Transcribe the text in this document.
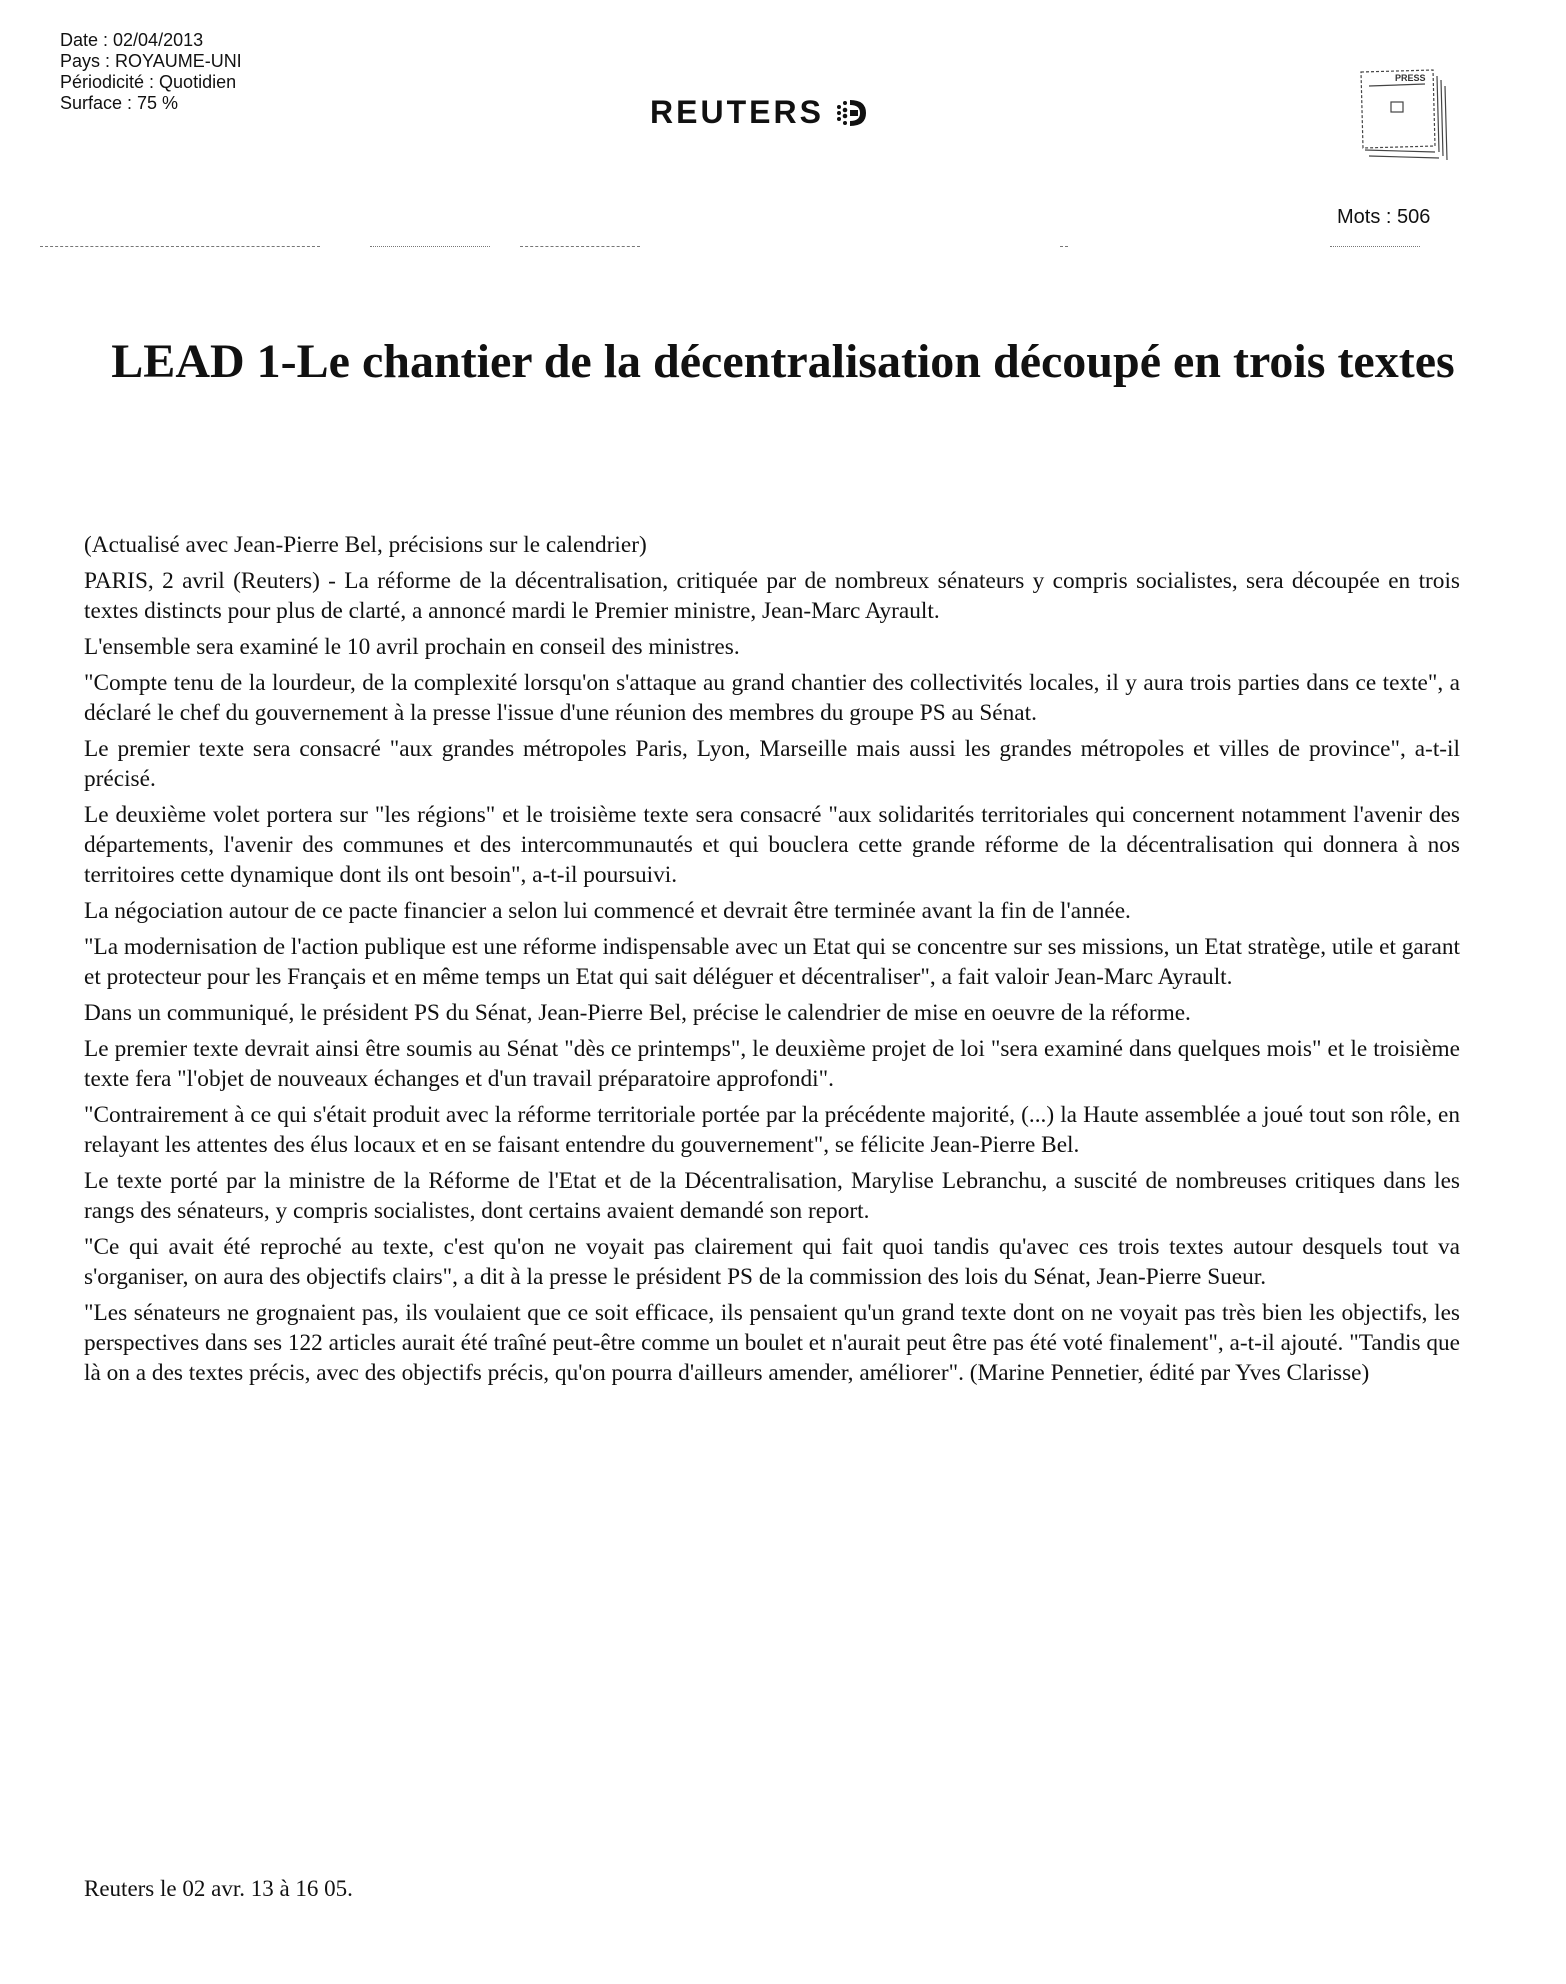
Date : 02/04/2013
Pays : ROYAUME-UNI
Périodicité : Quotidien
Surface : 75 %	REUTERS
PRESS
Mots : 506
LEAD 1-Le chantier de la décentralisation découpé en trois textes

(Actualisé avec Jean-Pierre Bel, précisions sur le calendrier)

PARIS, 2 avril (Reuters) - La réforme de la décentralisation, critiquée par de nombreux sénateurs y compris socialistes, sera découpée en trois textes distincts pour plus de clarté, a annoncé mardi le Premier ministre, Jean-Marc Ayrault.

L'ensemble sera examiné le 10 avril prochain en conseil des ministres.

"Compte tenu de la lourdeur, de la complexité lorsqu'on s'attaque au grand chantier des collectivités locales, il y aura trois parties dans ce texte", a déclaré le chef du gouvernement à la presse l'issue d'une réunion des membres du groupe PS au Sénat.

Le premier texte sera consacré "aux grandes métropoles Paris, Lyon, Marseille mais aussi les grandes métropoles et villes de province", a-t-il précisé.

Le deuxième volet portera sur "les régions" et le troisième texte sera consacré "aux solidarités territoriales qui concernent notamment l'avenir des départements, l'avenir des communes et des intercommunautés et qui bouclera cette grande réforme de la décentralisation qui donnera à nos territoires cette dynamique dont ils ont besoin", a-t-il poursuivi.

La négociation autour de ce pacte financier a selon lui commencé et devrait être terminée avant la fin de l'année.

"La modernisation de l'action publique est une réforme indispensable avec un Etat qui se concentre sur ses missions, un Etat stratège, utile et garant et protecteur pour les Français et en même temps un Etat qui sait déléguer et décentraliser", a fait valoir Jean-Marc Ayrault.

Dans un communiqué, le président PS du Sénat, Jean-Pierre Bel, précise le calendrier de mise en oeuvre de la réforme.

Le premier texte devrait ainsi être soumis au Sénat "dès ce printemps", le deuxième projet de loi "sera examiné dans quelques mois" et le troisième texte fera "l'objet de nouveaux échanges et d'un travail préparatoire approfondi".

"Contrairement à ce qui s'était produit avec la réforme territoriale portée par la précédente majorité, (...) la Haute assemblée a joué tout son rôle, en relayant les attentes des élus locaux et en se faisant entendre du gouvernement", se félicite Jean-Pierre Bel.

Le texte porté par la ministre de la Réforme de l'Etat et de la Décentralisation, Marylise Lebranchu, a suscité de nombreuses critiques dans les rangs des sénateurs, y compris socialistes, dont certains avaient demandé son report.

"Ce qui avait été reproché au texte, c'est qu'on ne voyait pas clairement qui fait quoi tandis qu'avec ces trois textes autour desquels tout va s'organiser, on aura des objectifs clairs", a dit à la presse le président PS de la commission des lois du Sénat, Jean-Pierre Sueur.

"Les sénateurs ne grognaient pas, ils voulaient que ce soit efficace, ils pensaient qu'un grand texte dont on ne voyait pas très bien les objectifs, les perspectives dans ses 122 articles aurait été traîné peut-être comme un boulet et n'aurait peut être pas été voté finalement", a-t-il ajouté. "Tandis que là on a des textes précis, avec des objectifs précis, qu'on pourra d'ailleurs amender, améliorer". (Marine Pennetier, édité par Yves Clarisse)

Reuters le 02 avr. 13 à 16 05.
